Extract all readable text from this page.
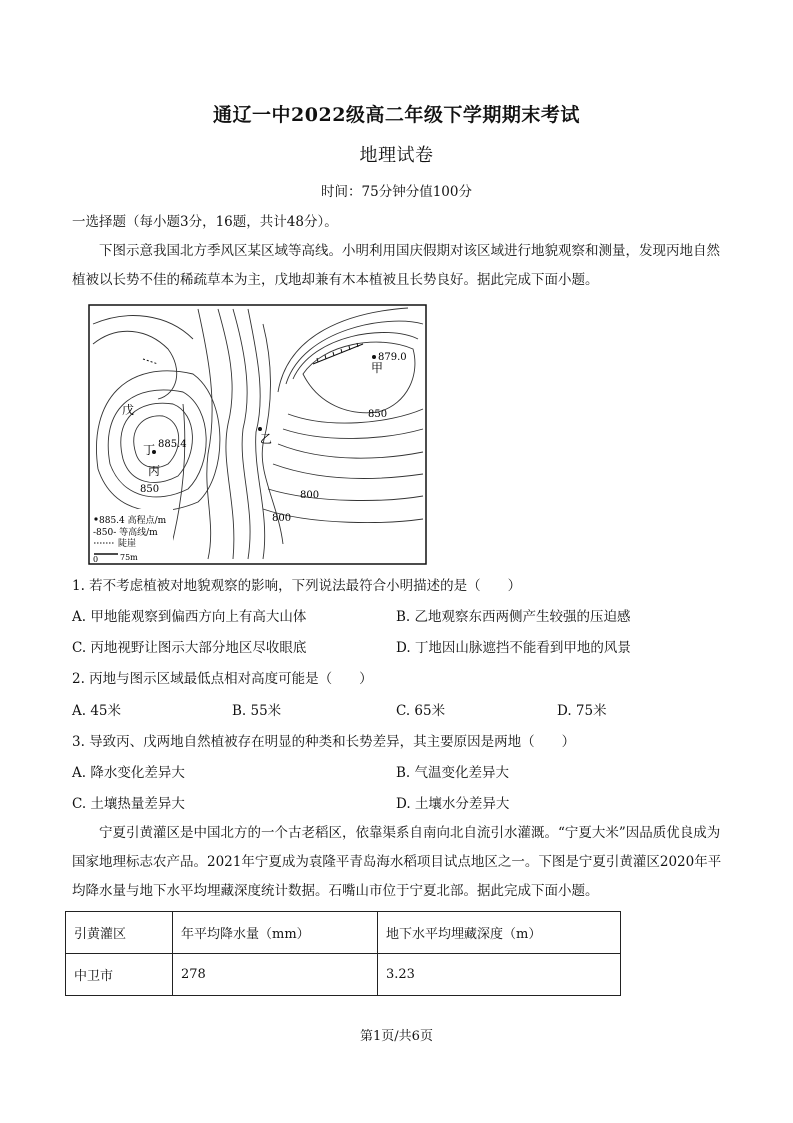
通辽一中2022级高二年级下学期期末考试
地理试卷
时间：75分钟分值100分
一选择题（每小题3分，16题，共计48分）。
下图示意我国北方季风区某区域等高线。小明利用国庆假期对该区域进行地貌观察和测量，发现丙地自然植被以长势不佳的稀疏草本为主，戊地却兼有木本植被且长势良好。据此完成下面小题。
甲
879.0
乙
丙
丁 885.4
戊	850
850
800
800
885.4 高程点/m
-850- 等高线/m
陡崖
0	75m
1. 若不考虑植被对地貌观察的影响，下列说法最符合小明描述的是（　　）
A. 甲地能观察到偏西方向上有高大山体	B. 乙地观察东西两侧产生较强的压迫感
C. 丙地视野让图示大部分地区尽收眼底	D. 丁地因山脉遮挡不能看到甲地的风景
2. 丙地与图示区域最低点相对高度可能是（　　）
A. 45米	B. 55米	C. 65米	D. 75米
3. 导致丙、戊两地自然植被存在明显的种类和长势差异，其主要原因是两地（　　）
A. 降水变化差异大	B. 气温变化差异大
C. 土壤热量差异大	D. 土壤水分差异大
宁夏引黄灌区是中国北方的一个古老稻区，依靠渠系自南向北自流引水灌溉。“宁夏大米”因品质优良成为国家地理标志农产品。2021年宁夏成为袁隆平青岛海水稻项目试点地区之一。下图是宁夏引黄灌区2020年平均降水量与地下水平均埋藏深度统计数据。石嘴山市位于宁夏北部。据此完成下面小题。
引黄灌区	年平均降水量（mm）	地下水平均埋藏深度（m）
中卫市	278	3.23
第1页/共6页
